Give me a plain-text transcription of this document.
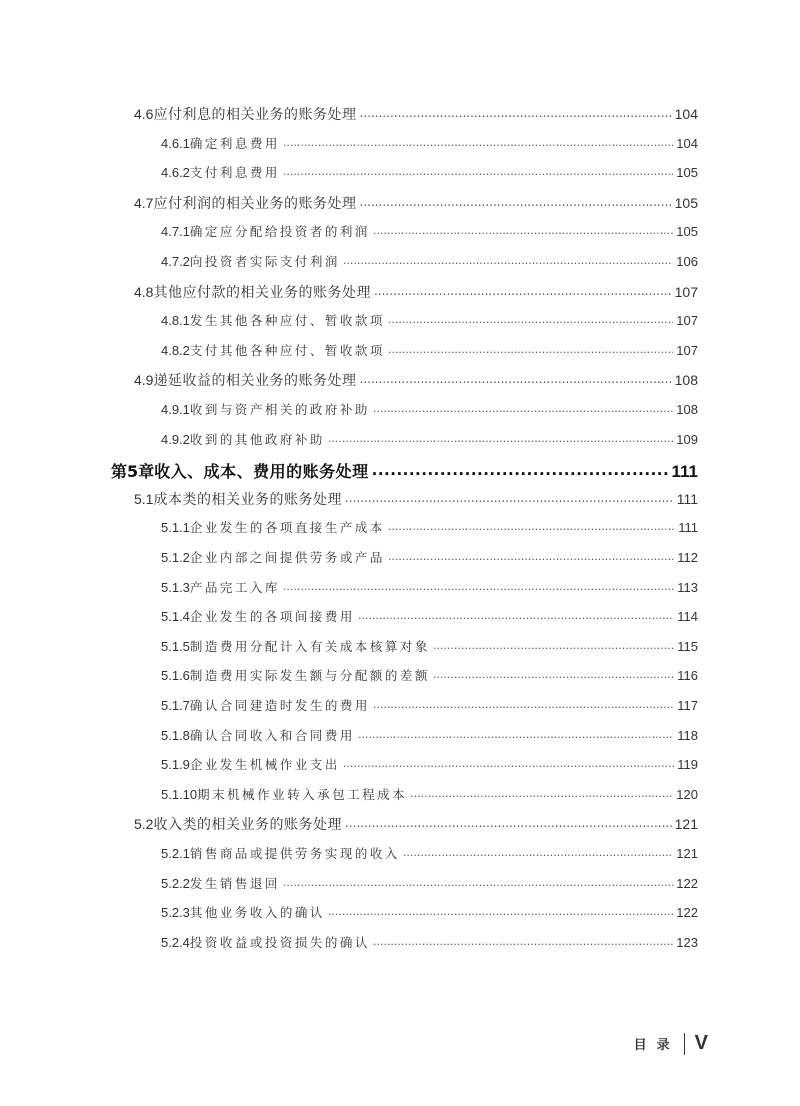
4.6 应付利息的相关业务的账务处理 .....	104
4.6.1 确定利息费用 .....	104
4.6.2 支付利息费用 .....	105
4.7 应付利润的相关业务的账务处理 .....	105
4.7.1 确定应分配给投资者的利润 .....	105
4.7.2 向投资者实际支付利润 .....	106
4.8 其他应付款的相关业务的账务处理 .....	107
4.8.1 发生其他各种应付、暂收款项 .....	107
4.8.2 支付其他各种应付、暂收款项 .....	107
4.9 递延收益的相关业务的账务处理 .....	108
4.9.1 收到与资产相关的政府补助 .....	108
4.9.2 收到的其他政府补助 .....	109
第5章 收入、成本、费用的账务处理 .....	111
5.1 成本类的相关业务的账务处理 .....	111
5.1.1 企业发生的各项直接生产成本 .....	111
5.1.2 企业内部之间提供劳务或产品 .....	112
5.1.3 产品完工入库 .....	113
5.1.4 企业发生的各项间接费用 .....	114
5.1.5 制造费用分配计入有关成本核算对象 .....	115
5.1.6 制造费用实际发生额与分配额的差额 .....	116
5.1.7 确认合同建造时发生的费用 .....	117
5.1.8 确认合同收入和合同费用 .....	118
5.1.9 企业发生机械作业支出 .....	119
5.1.10 期末机械作业转入承包工程成本 .....	120
5.2 收入类的相关业务的账务处理 .....	121
5.2.1 销售商品或提供劳务实现的收入 .....	121
5.2.2 发生销售退回 .....	122
5.2.3 其他业务收入的确认 .....	122
5.2.4 投资收益或投资损失的确认 .....	123
目录 V
